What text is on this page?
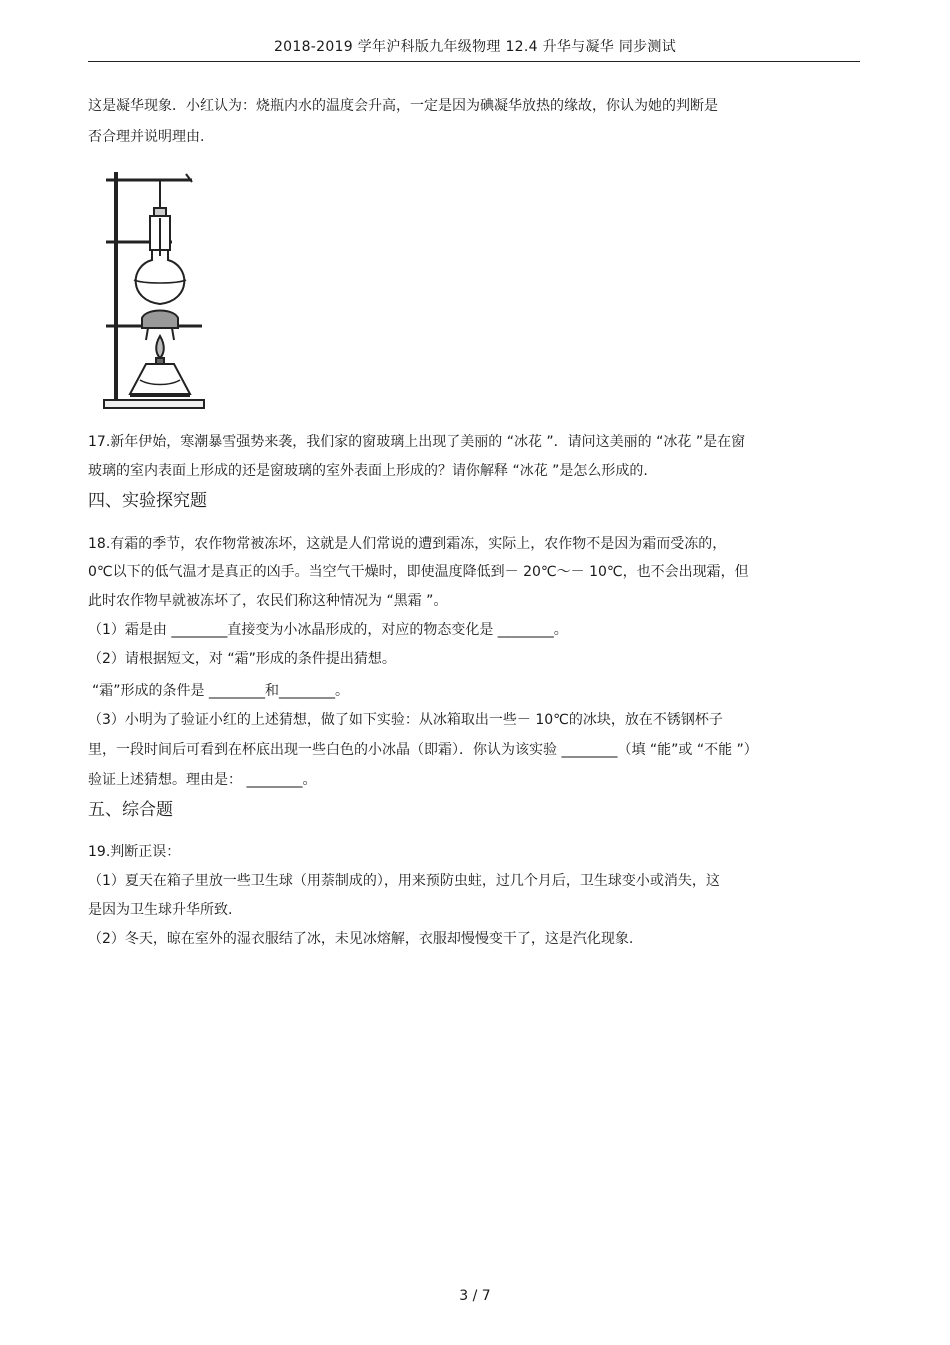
2018-2019 学年沪科版九年级物理 12.4 升华与凝华 同步测试
这是凝华现象．小红认为：烧瓶内水的温度会升高，一定是因为碘凝华放热的缘故，你认为她的判断是
否合理并说明理由.
17.新年伊始，寒潮暴雪强势来袭，我们家的窗玻璃上出现了美丽的 “冰花 ”．请问这美丽的 “冰花 ”是在窗
玻璃的室内表面上形成的还是窗玻璃的室外表面上形成的？请你解释 “冰花 ”是怎么形成的.
四、实验探究题
18.有霜的季节，农作物常被冻坏，这就是人们常说的遭到霜冻，实际上，农作物不是因为霜而受冻的，
0℃以下的低气温才是真正的凶手。当空气干燥时，即使温度降低到－ 20℃～－ 10℃，也不会出现霜，但
此时农作物早就被冻坏了，农民们称这种情况为 “黑霜 ”。
（1）霜是由 ________直接变为小冰晶形成的，对应的物态变化是 ________。
（2）请根据短文，对 “霜”形成的条件提出猜想。
“霜”形成的条件是 ________和________。
（3）小明为了验证小红的上述猜想，做了如下实验：从冰箱取出一些－ 10℃的冰块，放在不锈钢杯子
里，一段时间后可看到在杯底出现一些白色的小冰晶（即霜）．你认为该实验 ________（填 “能”或 “不能 ”）
验证上述猜想。理由是： ________。
五、综合题
19.判断正误：
（1）夏天在箱子里放一些卫生球（用萘制成的），用来预防虫蛀，过几个月后，卫生球变小或消失，这
是因为卫生球升华所致.
（2）冬天，晾在室外的湿衣服结了冰，未见冰熔解，衣服却慢慢变干了，这是汽化现象.
3 / 7
